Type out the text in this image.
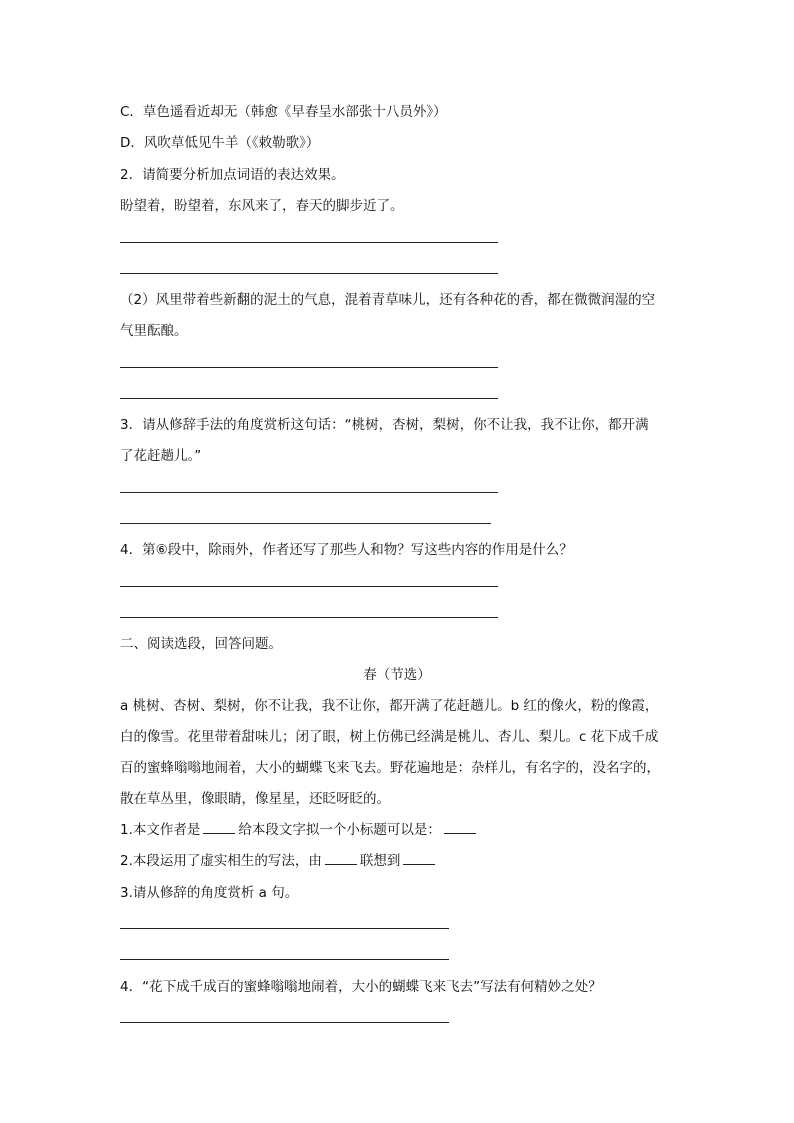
C．草色遥看近却无（韩愈《早春呈水部张十八员外》）
D．风吹草低见牛羊（《敕勒歌》）
2．请简要分析加点词语的表达效果。
盼望着，盼望着，东风来了，春天的脚步近了。
（2）风里带着些新翻的泥土的气息，混着青草味儿，还有各种花的香，都在微微润湿的空
气里酝酿。
3．请从修辞手法的角度赏析这句话：“桃树，杏树，梨树，你不让我，我不让你，都开满
了花赶趟儿。”
4．第⑥段中，除雨外，作者还写了那些人和物？写这些内容的作用是什么？
二、阅读选段，回答问题。
春（节选）
a 桃树、杏树、梨树，你不让我，我不让你，都开满了花赶趟儿。b 红的像火，粉的像霞，
白的像雪。花里带着甜味儿；闭了眼，树上仿佛已经满是桃儿、杏儿、梨儿。c 花下成千成
百的蜜蜂嗡嗡地闹着，大小的蝴蝶飞来飞去。野花遍地是：杂样儿，有名字的，没名字的，
散在草丛里，像眼睛，像星星，还眨呀眨的。
1.本文作者是	给本段文字拟一个小标题可以是：
2.本段运用了虚实相生的写法，由	联想到
3.请从修辞的角度赏析 a 句。
4．“花下成千成百的蜜蜂嗡嗡地闹着，大小的蝴蝶飞来飞去”写法有何精妙之处？
